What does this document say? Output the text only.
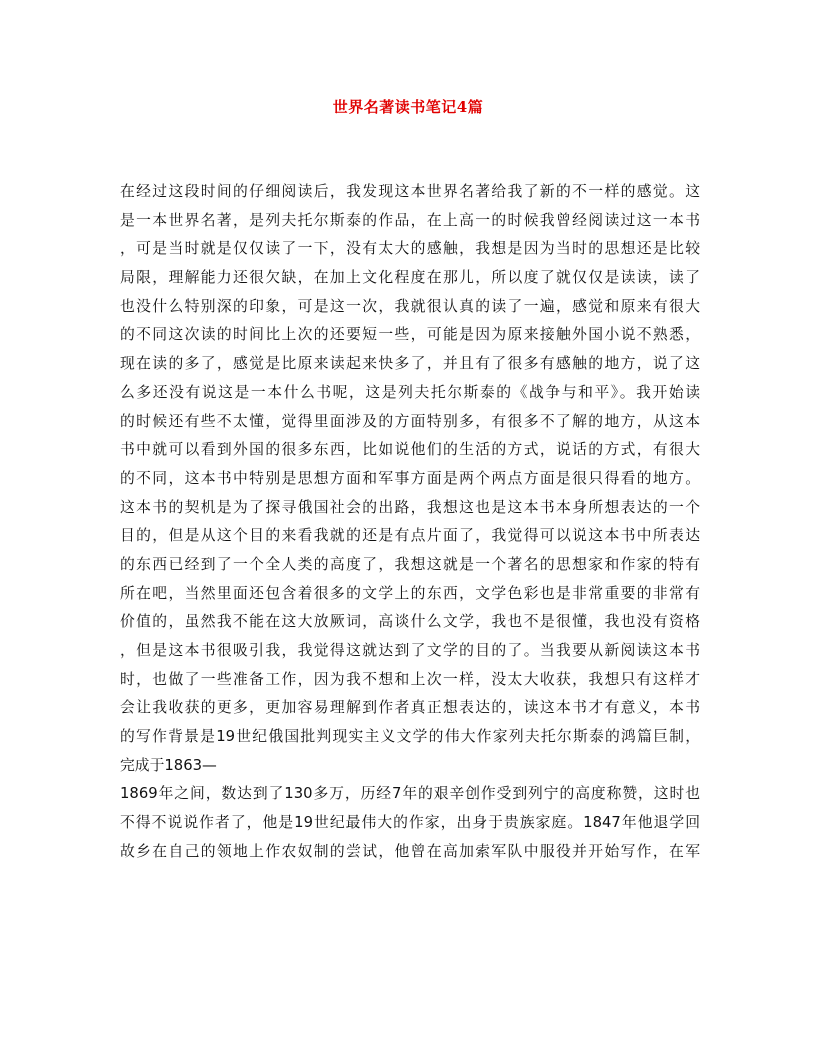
世界名著读书笔记4篇
在经过这段时间的仔细阅读后，我发现这本世界名著给我了新的不一样的感觉。这
是一本世界名著，是列夫托尔斯泰的作品，在上高一的时候我曾经阅读过这一本书
，可是当时就是仅仅读了一下，没有太大的感触，我想是因为当时的思想还是比较
局限，理解能力还很欠缺，在加上文化程度在那儿，所以度了就仅仅是读读，读了
也没什么特别深的印象，可是这一次，我就很认真的读了一遍，感觉和原来有很大
的不同这次读的时间比上次的还要短一些，可能是因为原来接触外国小说不熟悉，
现在读的多了，感觉是比原来读起来快多了，并且有了很多有感触的地方，说了这
么多还没有说这是一本什么书呢，这是列夫托尔斯泰的《战争与和平》。我开始读
的时候还有些不太懂，觉得里面涉及的方面特别多，有很多不了解的地方，从这本
书中就可以看到外国的很多东西，比如说他们的生活的方式，说话的方式，有很大
的不同，这本书中特别是思想方面和军事方面是两个两点方面是很只得看的地方。
这本书的契机是为了探寻俄国社会的出路，我想这也是这本书本身所想表达的一个
目的，但是从这个目的来看我就的还是有点片面了，我觉得可以说这本书中所表达
的东西已经到了一个全人类的高度了，我想这就是一个著名的思想家和作家的特有
所在吧，当然里面还包含着很多的文学上的东西，文学色彩也是非常重要的非常有
价值的，虽然我不能在这大放厥词，高谈什么文学，我也不是很懂，我也没有资格
，但是这本书很吸引我，我觉得这就达到了文学的目的了。当我要从新阅读这本书
时，也做了一些准备工作，因为我不想和上次一样，没太大收获，我想只有这样才
会让我收获的更多，更加容易理解到作者真正想表达的，读这本书才有意义，本书
的写作背景是19世纪俄国批判现实主义文学的伟大作家列夫托尔斯泰的鸿篇巨制，
完成于1863—
1869年之间，数达到了130多万，历经7年的艰辛创作受到列宁的高度称赞，这时也
不得不说说作者了，他是19世纪最伟大的作家，出身于贵族家庭。1847年他退学回
故乡在自己的领地上作农奴制的尝试，他曾在高加索军队中服役并开始写作，在军
